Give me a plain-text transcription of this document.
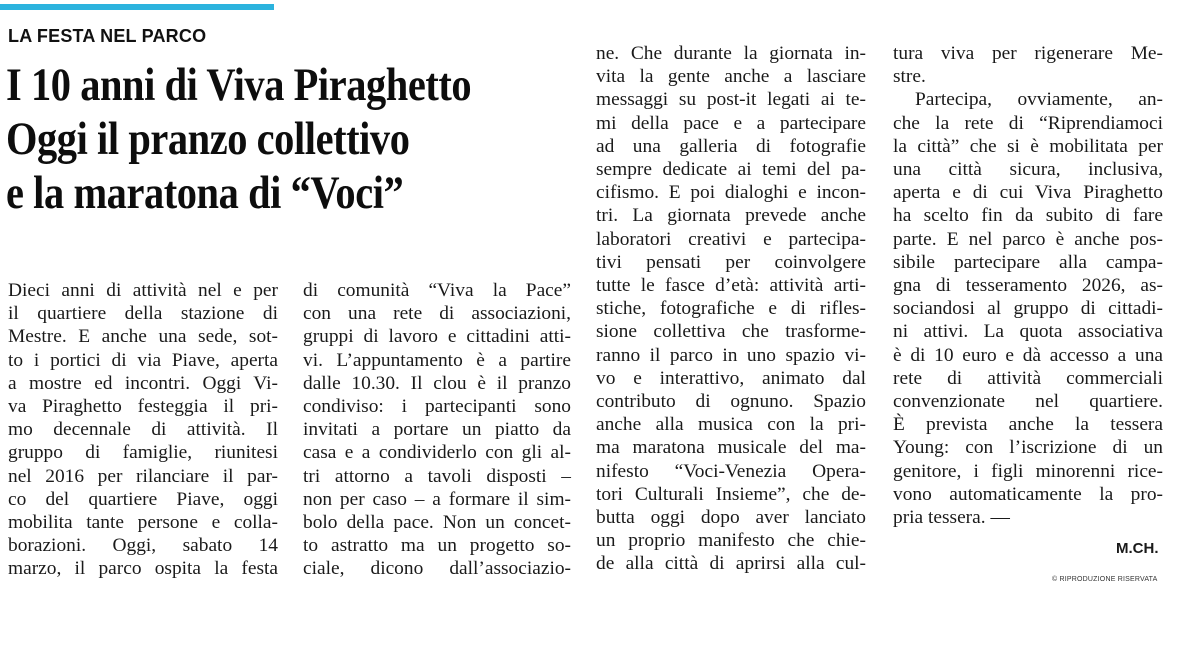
LA FESTA NEL PARCO
I 10 anni di Viva Piraghetto
Oggi il pranzo collettivo
e la maratona di “Voci”
Dieci anni di attività nel e per
il quartiere della stazione di
Mestre. E anche una sede, sot-
to i portici di via Piave, aperta
a mostre ed incontri. Oggi Vi-
va Piraghetto festeggia il pri-
mo decennale di attività. Il
gruppo di famiglie, riunitesi
nel 2016 per rilanciare il par-
co del quartiere Piave, oggi
mobilita tante persone e colla-
borazioni. Oggi, sabato 14
marzo, il parco ospita la festa
di comunità “Viva la Pace”
con una rete di associazioni,
gruppi di lavoro e cittadini atti-
vi. L’appuntamento è a partire
dalle 10.30. Il clou è il pranzo
condiviso: i partecipanti sono
invitati a portare un piatto da
casa e a condividerlo con gli al-
tri attorno a tavoli disposti –
non per caso – a formare il sim-
bolo della pace. Non un concet-
to astratto ma un progetto so-
ciale, dicono dall’associazio-
ne. Che durante la giornata in-
vita la gente anche a lasciare
messaggi su post-it legati ai te-
mi della pace e a partecipare
ad una galleria di fotografie
sempre dedicate ai temi del pa-
cifismo. E poi dialoghi e incon-
tri. La giornata prevede anche
laboratori creativi e partecipa-
tivi pensati per coinvolgere
tutte le fasce d’età: attività arti-
stiche, fotografiche e di rifles-
sione collettiva che trasforme-
ranno il parco in uno spazio vi-
vo e interattivo, animato dal
contributo di ognuno. Spazio
anche alla musica con la pri-
ma maratona musicale del ma-
nifesto “Voci-Venezia Opera-
tori Culturali Insieme”, che de-
butta oggi dopo aver lanciato
un proprio manifesto che chie-
de alla città di aprirsi alla cul-
tura viva per rigenerare Me-
stre.
Partecipa, ovviamente, an-
che la rete di “Riprendiamoci
la città” che si è mobilitata per
una città sicura, inclusiva,
aperta e di cui Viva Piraghetto
ha scelto fin da subito di fare
parte. E nel parco è anche pos-
sibile partecipare alla campa-
gna di tesseramento 2026, as-
sociandosi al gruppo di cittadi-
ni attivi. La quota associativa
è di 10 euro e dà accesso a una
rete di attività commerciali
convenzionate nel quartiere.
È prevista anche la tessera
Young: con l’iscrizione di un
genitore, i figli minorenni rice-
vono automaticamente la pro-
pria tessera. —
M.CH.
© RIPRODUZIONE RISERVATA
